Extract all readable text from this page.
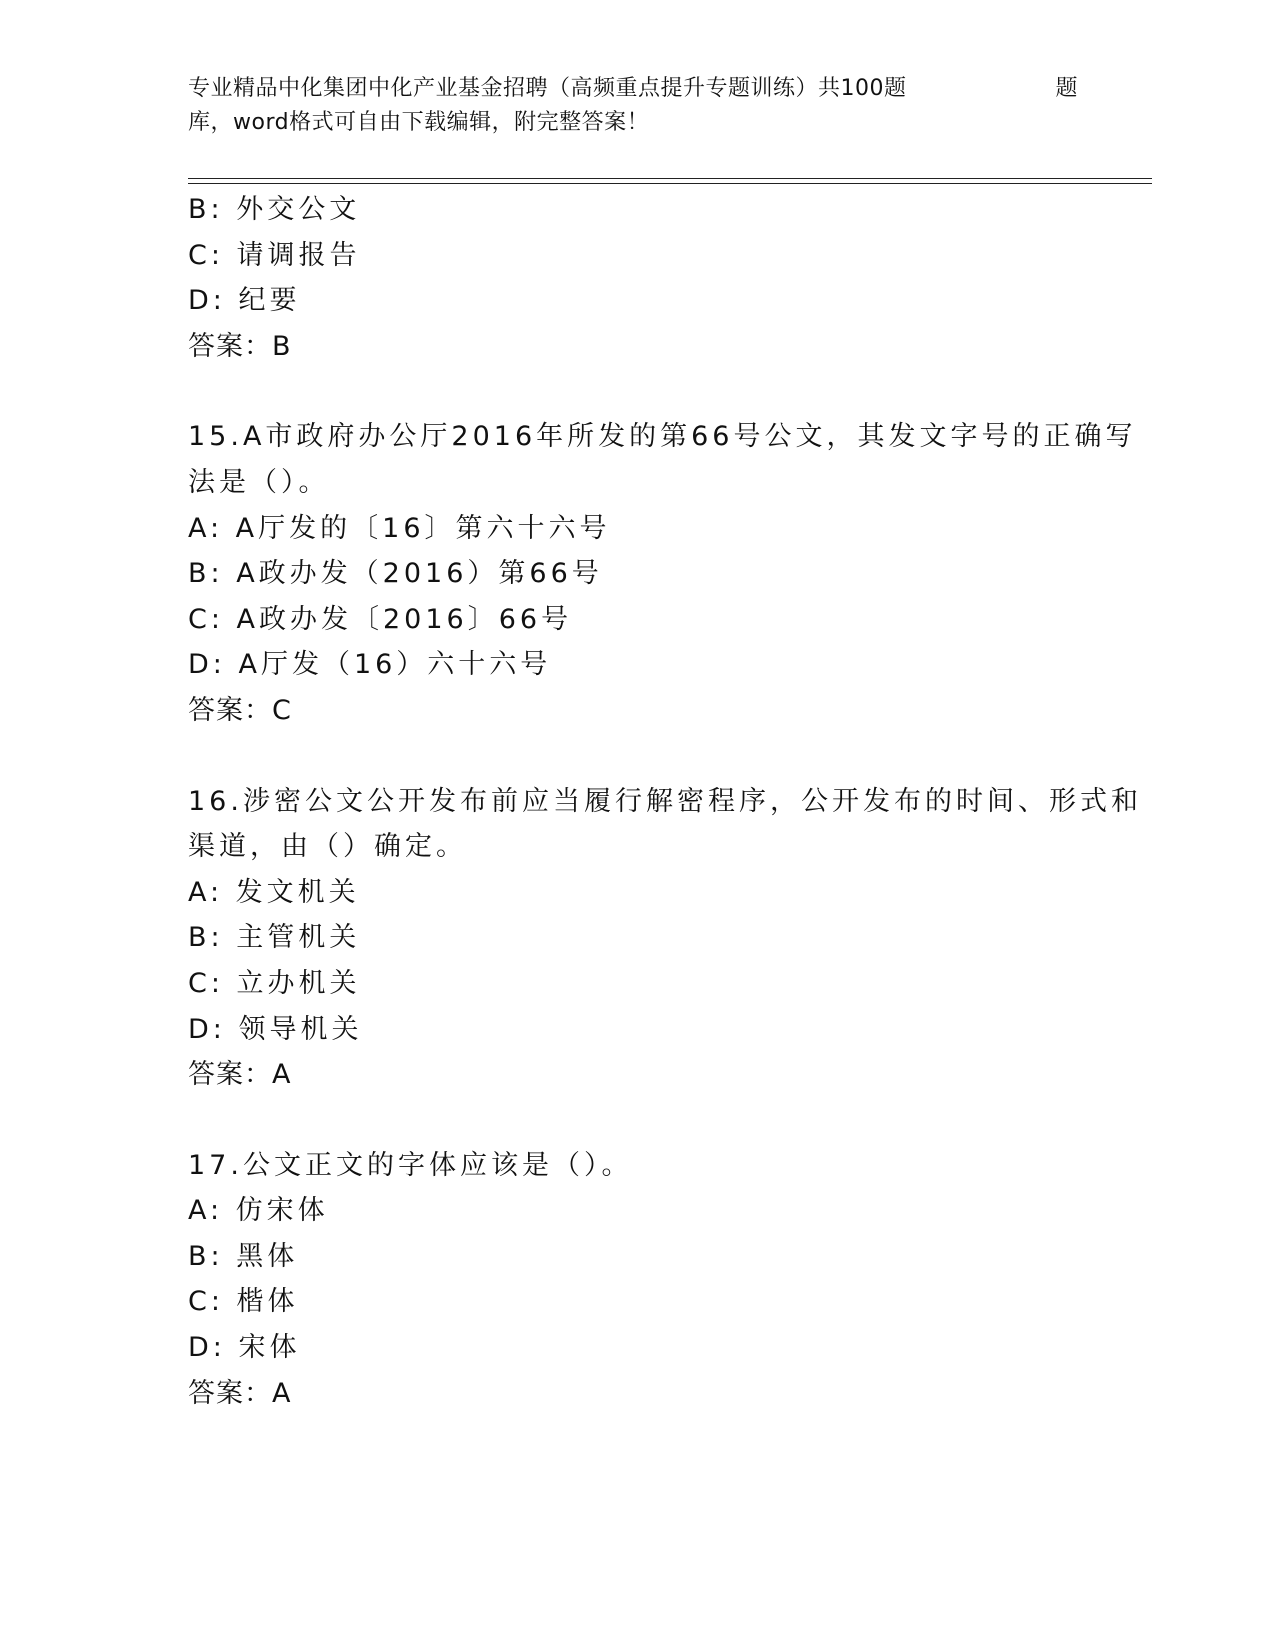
专业精品中化集团中化产业基金招聘（高频重点提升专题训练）共100题	题
库，word格式可自由下载编辑，附完整答案！
B: 外交公文
C: 请调报告
D: 纪要
答案：B
15.A市政府办公厅2016年所发的第66号公文，其发文字号的正确写
法是（）。
A: A厅发的〔16〕第六十六号
B: A政办发（2016）第66号
C: A政办发〔2016〕66号
D: A厅发（16）六十六号
答案：C
16.涉密公文公开发布前应当履行解密程序，公开发布的时间、形式和
渠道，由（）确定。
A: 发文机关
B: 主管机关
C: 立办机关
D: 领导机关
答案：A
17.公文正文的字体应该是（）。
A: 仿宋体
B: 黑体
C: 楷体
D: 宋体
答案：A
